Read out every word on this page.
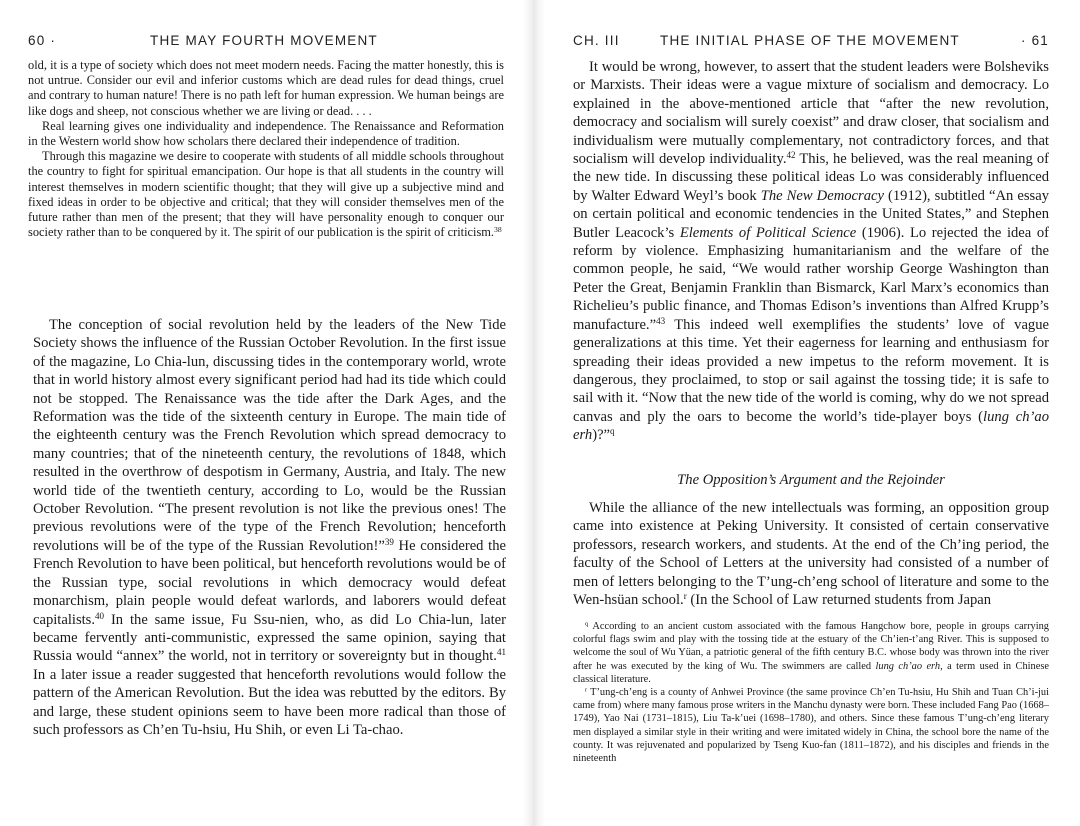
60 ·	THE MAY FOURTH MOVEMENT

old, it is a type of society which does not meet modern needs. Facing the matter honestly, this is not untrue. Consider our evil and inferior customs which are dead rules for dead things, cruel and contrary to human nature! There is no path left for human expression. We human beings are like dogs and sheep, not conscious whether we are living or dead. . . .

Real learning gives one individuality and independence. The Renaissance and Reformation in the Western world show how scholars there declared their independence of tradition.

Through this magazine we desire to cooperate with students of all middle schools throughout the country to fight for spiritual emancipation. Our hope is that all students in the country will interest themselves in modern scientific thought; that they will give up a subjective mind and fixed ideas in order to be objective and critical; that they will consider themselves men of the future rather than men of the present; that they will have personality enough to conquer our society rather than to be conquered by it. The spirit of our publication is the spirit of criticism.$^{38}$

The conception of social revolution held by the leaders of the New Tide Society shows the influence of the Russian October Revolution. In the first issue of the magazine, Lo Chia-lun, discussing tides in the contemporary world, wrote that in world history almost every significant period had had its tide which could not be stopped. The Renaissance was the tide after the Dark Ages, and the Reformation was the tide of the sixteenth century in Europe. The main tide of the eighteenth century was the French Revolution which spread democracy to many countries; that of the nineteenth century, the revolutions of 1848, which resulted in the overthrow of despotism in Germany, Austria, and Italy. The new world tide of the twentieth century, according to Lo, would be the Russian October Revolution. “The present revolution is not like the previous ones! The previous revolutions were of the type of the French Revolution; henceforth revolutions will be of the type of the Russian Revolution!”$^{39}$ He considered the French Revolution to have been political, but henceforth revolutions would be of the Russian type, social revolutions in which democracy would defeat monarchism, plain people would defeat warlords, and laborers would defeat capitalists.$^{40}$ In the same issue, Fu Ssu-nien, who, as did Lo Chia-lun, later became fervently anti-communistic, expressed the same opinion, saying that Russia would “annex” the world, not in territory or sovereignty but in thought.$^{41}$ In a later issue a reader suggested that henceforth revolutions would follow the pattern of the American Revolution. But the idea was rebutted by the editors. By and large, these student opinions seem to have been more radical than those of such professors as Ch’en Tu-hsiu, Hu Shih, or even Li Ta-chao.

CH. III	THE INITIAL PHASE OF THE MOVEMENT	· 61

It would be wrong, however, to assert that the student leaders were Bolsheviks or Marxists. Their ideas were a vague mixture of socialism and democracy. Lo explained in the above-mentioned article that “after the new revolution, democracy and socialism will surely coexist” and draw closer, that socialism and individualism were mutually complementary, not contradictory forces, and that socialism will develop individuality.$^{42}$ This, he believed, was the real meaning of the new tide. In discussing these political ideas Lo was considerably influenced by Walter Edward Weyl’s book The New Democracy (1912), subtitled “An essay on certain political and economic tendencies in the United States,” and Stephen Butler Leacock’s Elements of Political Science (1906). Lo rejected the idea of reform by violence. Emphasizing humanitarianism and the welfare of the common people, he said, “We would rather worship George Washington than Peter the Great, Benjamin Franklin than Bismarck, Karl Marx’s economics than Richelieu’s public finance, and Thomas Edison’s inventions than Alfred Krupp’s manufacture.”$^{43}$ This indeed well exemplifies the students’ love of vague generalizations at this time. Yet their eagerness for learning and enthusiasm for spreading their ideas provided a new impetus to the reform movement. It is dangerous, they proclaimed, to stop or sail against the tossing tide; it is safe to sail with it. “Now that the new tide of the world is coming, why do we not spread canvas and ply the oars to become the world’s tide-player boys (lung ch’ao erh)?”$^q$

The Opposition’s Argument and the Rejoinder

While the alliance of the new intellectuals was forming, an opposition group came into existence at Peking University. It consisted of certain conservative professors, research workers, and students. At the end of the Ch’ing period, the faculty of the School of Letters at the university had consisted of a number of men of letters belonging to the T’ung-ch’eng school of literature and some to the Wen-hsüan school.$^r$ (In the School of Law returned students from Japan

$^q$ According to an ancient custom associated with the famous Hangchow bore, people in groups carrying colorful flags swim and play with the tossing tide at the estuary of the Ch’ien-t’ang River. This is supposed to welcome the soul of Wu Yüan, a patriotic general of the fifth century B.C. whose body was thrown into the river after he was executed by the king of Wu. The swimmers are called lung ch’ao erh, a term used in Chinese classical literature.

$^r$ T’ung-ch’eng is a county of Anhwei Province (the same province Ch’en Tu-hsiu, Hu Shih and Tuan Ch’i-jui came from) where many famous prose writers in the Manchu dynasty were born. These included Fang Pao (1668–1749), Yao Nai (1731–1815), Liu Ta-k’uei (1698–1780), and others. Since these famous T’ung-ch’eng literary men displayed a similar style in their writing and were imitated widely in China, the school bore the name of the county. It was rejuvenated and popularized by Tseng Kuo-fan (1811–1872), and his disciples and friends in the nineteenth
